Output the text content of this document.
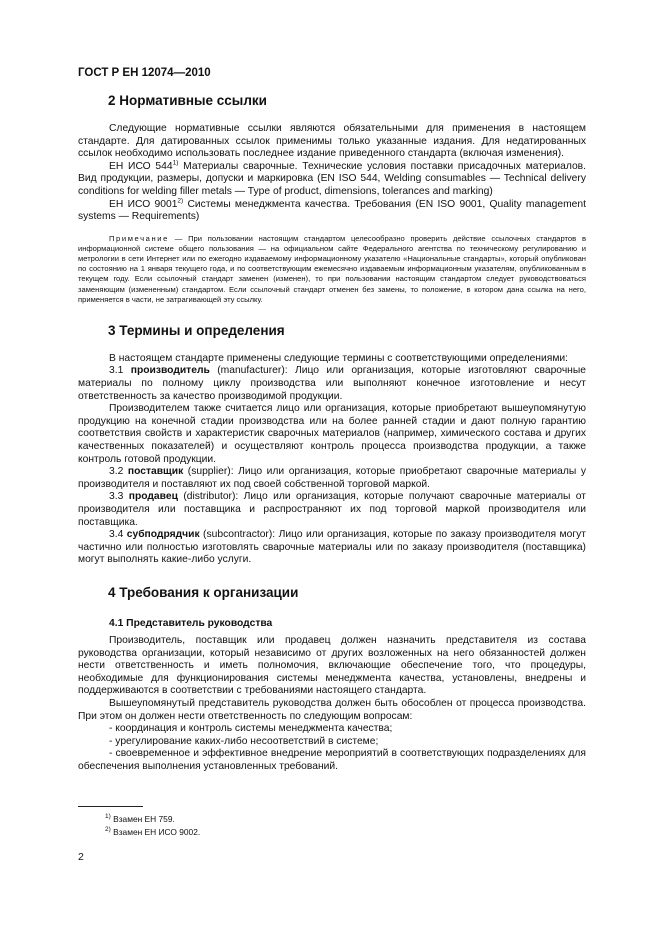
ГОСТ Р ЕН 12074—2010
2 Нормативные ссылки

Следующие нормативные ссылки являются обязательными для применения в настоящем стандарте. Для датированных ссылок применимы только указанные издания. Для недатированных ссылок необходимо использовать последнее издание приведенного стандарта (включая изменения).

ЕН ИСО 544$^{1)}$ Материалы сварочные. Технические условия поставки присадочных материалов. Вид продукции, размеры, допуски и маркировка (EN ISO 544, Welding consumables — Technical delivery conditions for welding filler metals — Type of product, dimensions, tolerances and marking)

ЕН ИСО 9001$^{2)}$ Системы менеджмента качества. Требования (EN ISO 9001, Quality management systems — Requirements)

Примечание — При пользовании настоящим стандартом целесообразно проверить действие ссылочных стандартов в информационной системе общего пользования — на официальном сайте Федерального агентства по техническому регулированию и метрологии в сети Интернет или по ежегодно издаваемому информационному указателю «Национальные стандарты», который опубликован по состоянию на 1 января текущего года, и по соответствующим ежемесячно издаваемым информационным указателям, опубликованным в текущем году. Если ссылочный стандарт заменен (изменен), то при пользовании настоящим стандартом следует руководствоваться заменяющим (измененным) стандартом. Если ссылочный стандарт отменен без замены, то положение, в котором дана ссылка на него, применяется в части, не затрагивающей эту ссылку.

3 Термины и определения

В настоящем стандарте применены следующие термины с соответствующими определениями:

3.1 производитель (manufacturer): Лицо или организация, которые изготовляют сварочные материалы по полному циклу производства или выполняют конечное изготовление и несут ответственность за качество производимой продукции.

Производителем также считается лицо или организация, которые приобретают вышеупомянутую продукцию на конечной стадии производства или на более ранней стадии и дают полную гарантию соответствия свойств и характеристик сварочных материалов (например, химического состава и других качественных показателей) и осуществляют контроль процесса производства продукции, а также контроль готовой продукции.

3.2 поставщик (supplier): Лицо или организация, которые приобретают сварочные материалы у производителя и поставляют их под своей собственной торговой маркой.

3.3 продавец (distributor): Лицо или организация, которые получают сварочные материалы от производителя или поставщика и распространяют их под торговой маркой производителя или поставщика.

3.4 субподрядчик (subcontractor): Лицо или организация, которые по заказу производителя могут частично или полностью изготовлять сварочные материалы или по заказу производителя (поставщика) могут выполнять какие-либо услуги.

4 Требования к организации
4.1 Представитель руководства

Производитель, поставщик или продавец должен назначить представителя из состава руководства организации, который независимо от других возложенных на него обязанностей должен нести ответственность и иметь полномочия, включающие обеспечение того, что процедуры, необходимые для функционирования системы менеджмента качества, установлены, внедрены и поддерживаются в соответствии с требованиями настоящего стандарта.

Вышеупомянутый представитель руководства должен быть обособлен от процесса производства. При этом он должен нести ответственность по следующим вопросам:

- координация и контроль системы менеджмента качества;

- урегулирование каких-либо несоответствий в системе;

- своевременное и эффективное внедрение мероприятий в соответствующих подразделениях для обеспечения выполнения установленных требований.

$^{1)}$ Взамен ЕН 759.
$^{2)}$ Взамен ЕН ИСО 9002.
2
